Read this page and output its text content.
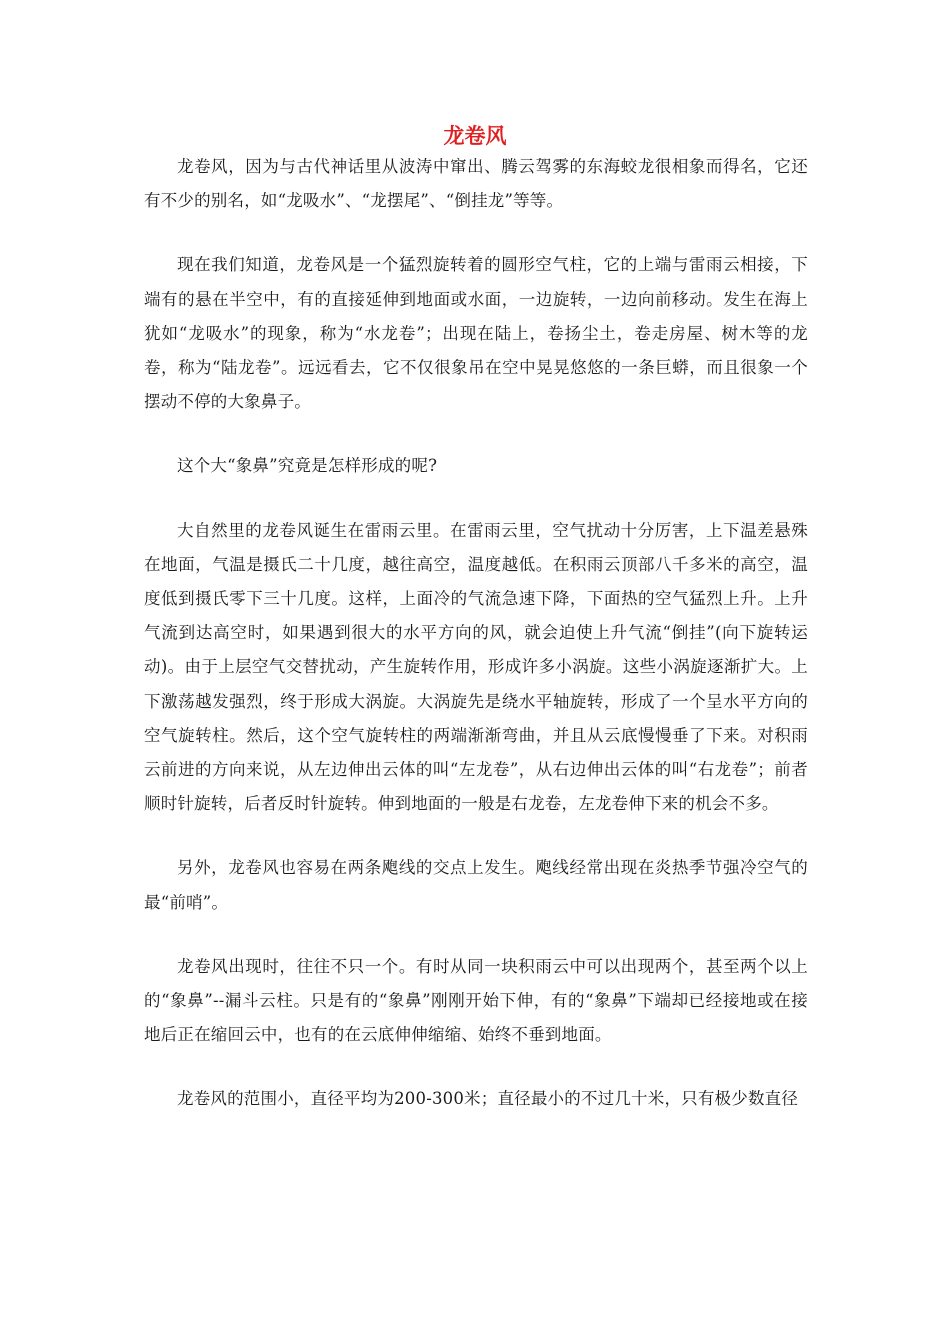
龙卷风

龙卷风，因为与古代神话里从波涛中窜出、腾云驾雾的东海蛟龙很相象而得名，它还有不少的别名，如“龙吸水”、“龙摆尾”、“倒挂龙”等等。

现在我们知道，龙卷风是一个猛烈旋转着的圆形空气柱，它的上端与雷雨云相接，下端有的悬在半空中，有的直接延伸到地面或水面，一边旋转，一边向前移动。发生在海上犹如“龙吸水”的现象，称为“水龙卷”；出现在陆上，卷扬尘土，卷走房屋、树木等的龙卷，称为“陆龙卷”。远远看去，它不仅很象吊在空中晃晃悠悠的一条巨蟒，而且很象一个摆动不停的大象鼻子。

这个大“象鼻”究竟是怎样形成的呢?

大自然里的龙卷风诞生在雷雨云里。在雷雨云里，空气扰动十分厉害，上下温差悬殊在地面，气温是摄氏二十几度，越往高空，温度越低。在积雨云顶部八千多米的高空，温度低到摄氏零下三十几度。这样，上面冷的气流急速下降，下面热的空气猛烈上升。上升气流到达高空时，如果遇到很大的水平方向的风，就会迫使上升气流“倒挂”(向下旋转运动)。由于上层空气交替扰动，产生旋转作用，形成许多小涡旋。这些小涡旋逐渐扩大。上下激荡越发强烈，终于形成大涡旋。大涡旋先是绕水平轴旋转，形成了一个呈水平方向的空气旋转柱。然后，这个空气旋转柱的两端渐渐弯曲，并且从云底慢慢垂了下来。对积雨云前进的方向来说，从左边伸出云体的叫“左龙卷”，从右边伸出云体的叫“右龙卷”；前者顺时针旋转，后者反时针旋转。伸到地面的一般是右龙卷，左龙卷伸下来的机会不多。

另外，龙卷风也容易在两条飑线的交点上发生。飑线经常出现在炎热季节强冷空气的最“前哨”。

龙卷风出现时，往往不只一个。有时从同一块积雨云中可以出现两个，甚至两个以上的“象鼻”--漏斗云柱。只是有的“象鼻”刚刚开始下伸，有的“象鼻”下端却已经接地或在接地后正在缩回云中，也有的在云底伸伸缩缩、始终不垂到地面。

龙卷风的范围小，直径平均为200-300米；直径最小的不过几十米，只有极少数直径
